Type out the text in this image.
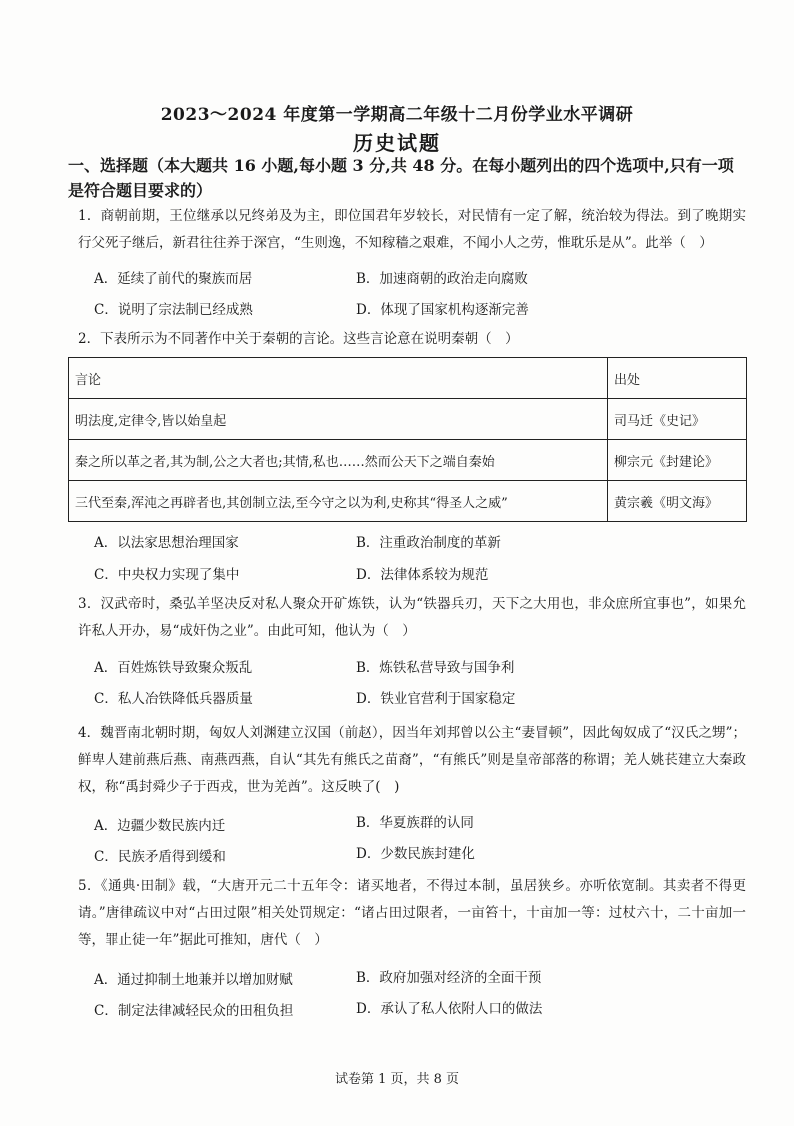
2023～2024 年度第一学期高二年级十二月份学业水平调研
历史试题
一、选择题（本大题共 16 小题,每小题 3 分,共 48 分。在每小题列出的四个选项中,只有一项是符合题目要求的）
1．商朝前期，王位继承以兄终弟及为主，即位国君年岁较长，对民情有一定了解，统治较为得法。到了晚期实行父死子继后，新君往往养于深宫，“生则逸，不知稼穑之艰难，不闻小人之劳，惟耽乐是从”。此举（　）
A．延续了前代的聚族而居	B．加速商朝的政治走向腐败
C．说明了宗法制已经成熟	D．体现了国家机构逐渐完善
2．下表所示为不同著作中关于秦朝的言论。这些言论意在说明秦朝（　）
言论	出处
明法度,定律令,皆以始皇起	司马迁《史记》
秦之所以革之者,其为制,公之大者也;其情,私也……然而公天下之端自秦始	柳宗元《封建论》
三代至秦,浑沌之再辟者也,其创制立法,至今守之以为利,史称其“得圣人之威”	黄宗羲《明文海》
A．以法家思想治理国家	B．注重政治制度的革新
C．中央权力实现了集中	D．法律体系较为规范
3．汉武帝时，桑弘羊坚决反对私人聚众开矿炼铁，认为“铁器兵刃，天下之大用也，非众庶所宜事也”，如果允许私人开办，易“成奸伪之业”。由此可知，他认为（　）
A．百姓炼铁导致聚众叛乱	B．炼铁私营导致与国争利
C．私人冶铁降低兵器质量	D．铁业官营利于国家稳定
4．魏晋南北朝时期，匈奴人刘渊建立汉国（前赵），因当年刘邦曾以公主“妻冒顿”，因此匈奴成了“汉氏之甥”；鲜卑人建前燕后燕、南燕西燕，自认“其先有熊氏之苗裔”，“有熊氏”则是皇帝部落的称谓；羌人姚苌建立大秦政权，称“禹封舜少子于西戎，世为羌酋”。这反映了(　)
A．边疆少数民族内迁	B．华夏族群的认同
C．民族矛盾得到缓和	D．少数民族封建化
5．《通典·田制》载，“大唐开元二十五年令：诸买地者，不得过本制，虽居狭乡。亦听依宽制。其卖者不得更请。”唐律疏议中对“占田过限”相关处罚规定：“诸占田过限者，一亩笞十，十亩加一等：过杖六十，二十亩加一等，罪止徒一年”据此可推知，唐代（　）
A．通过抑制土地兼并以增加财赋	B．政府加强对经济的全面干预
C．制定法律减轻民众的田租负担	D．承认了私人依附人口的做法
试卷第 1 页，共 8 页
